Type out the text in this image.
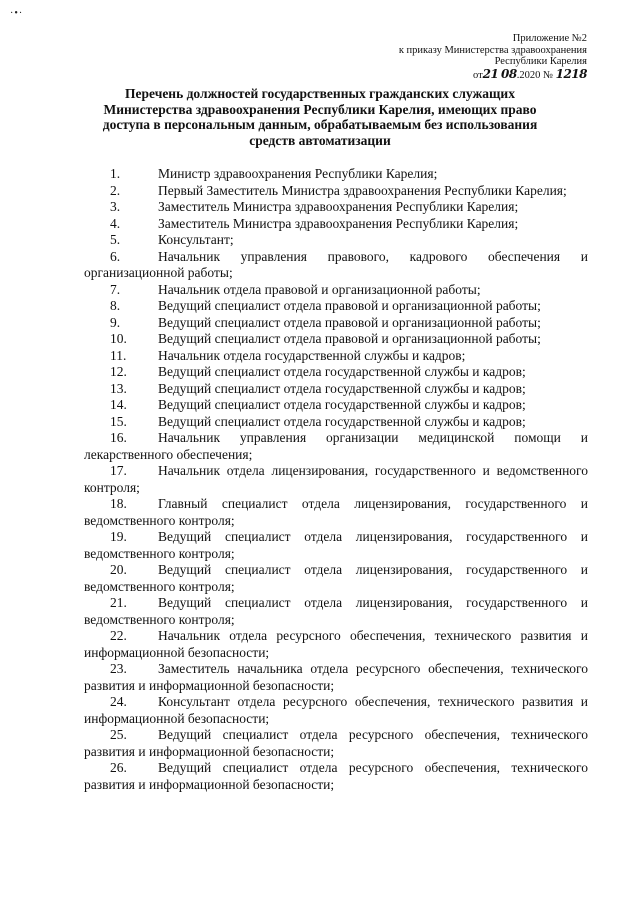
·•·
Приложение №2
к приказу Министерства здравоохранения
Республики Карелия
от21 08.2020 № 1218
Перечень должностей государственных гражданских служащих Министерства здравоохранения Республики Карелия, имеющих право доступа в персональным данным, обрабатываемым без использования средств автоматизации

1.	Министр здравоохранения Республики Карелия;

2.	Первый Заместитель Министра здравоохранения Республики Карелия;

3.	Заместитель Министра здравоохранения Республики Карелия;

4.	Заместитель Министра здравоохранения Республики Карелия;

5.	Консультант;

6.	Начальник управления правового, кадрового обеспечения и организационной работы;

7.	Начальник отдела правовой и организационной работы;

8.	Ведущий специалист отдела правовой и организационной работы;

9.	Ведущий специалист отдела правовой и организационной работы;

10. Ведущий специалист отдела правовой и организационной работы;

11. Начальник отдела государственной службы и кадров;

12. Ведущий специалист отдела государственной службы и кадров;

13. Ведущий специалист отдела государственной службы и кадров;

14. Ведущий специалист отдела государственной службы и кадров;

15. Ведущий специалист отдела государственной службы и кадров;

16. Начальник управления организации медицинской помощи и лекарственного обеспечения;

17. Начальник отдела лицензирования, государственного и ведомственного контроля;

18. Главный специалист отдела лицензирования, государственного и ведомственного контроля;

19. Ведущий специалист отдела лицензирования, государственного и ведомственного контроля;

20. Ведущий специалист отдела лицензирования, государственного и ведомственного контроля;

21. Ведущий специалист отдела лицензирования, государственного и ведомственного контроля;

22. Начальник отдела ресурсного обеспечения, технического развития и информационной безопасности;

23. Заместитель начальника отдела ресурсного обеспечения, технического развития и информационной безопасности;

24. Консультант отдела ресурсного обеспечения, технического развития и информационной безопасности;

25. Ведущий специалист отдела ресурсного обеспечения, технического развития и информационной безопасности;

26. Ведущий специалист отдела ресурсного обеспечения, технического развития и информационной безопасности;
